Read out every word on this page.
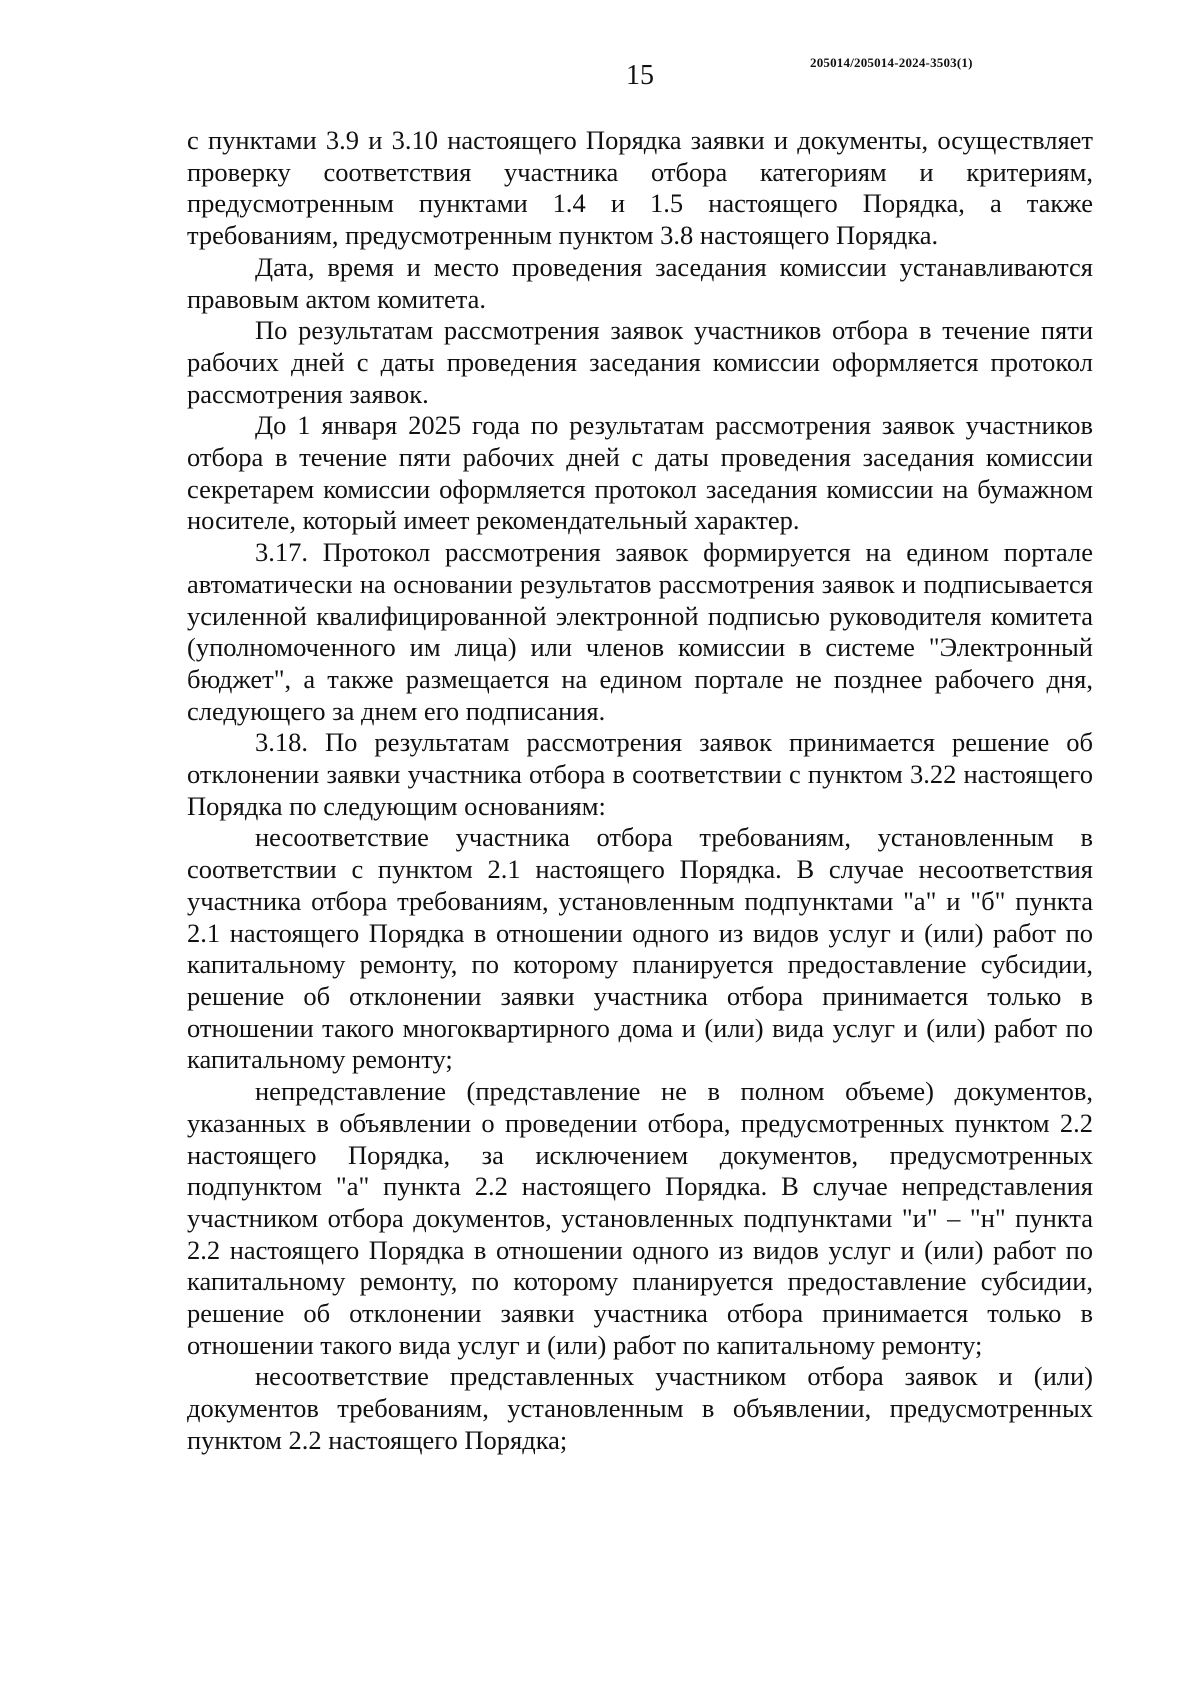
15	205014/205014-2024-3503(1)

с пунктами 3.9 и 3.10 настоящего Порядка заявки и документы, осуществляет проверку соответствия участника отбора категориям и критериям, предусмотренным пунктами 1.4 и 1.5 настоящего Порядка, а также требованиям, предусмотренным пунктом 3.8 настоящего Порядка.

Дата, время и место проведения заседания комиссии устанавливаются правовым актом комитета.

По результатам рассмотрения заявок участников отбора в течение пяти рабочих дней с даты проведения заседания комиссии оформляется протокол рассмотрения заявок.

До 1 января 2025 года по результатам рассмотрения заявок участников отбора в течение пяти рабочих дней с даты проведения заседания комиссии секретарем комиссии оформляется протокол заседания комиссии на бумажном носителе, который имеет рекомендательный характер.

3.17. Протокол рассмотрения заявок формируется на едином портале автоматически на основании результатов рассмотрения заявок и подписывается усиленной квалифицированной электронной подписью руководителя комитета (уполномоченного им лица) или членов комиссии в системе "Электронный бюджет", а также размещается на едином портале не позднее рабочего дня, следующего за днем его подписания.

3.18. По результатам рассмотрения заявок принимается решение об отклонении заявки участника отбора в соответствии с пунктом 3.22 настоящего Порядка по следующим основаниям:

несоответствие участника отбора требованиям, установленным в соответствии с пунктом 2.1 настоящего Порядка. В случае несоответствия участника отбора требованиям, установленным подпунктами "а" и "б" пункта 2.1 настоящего Порядка в отношении одного из видов услуг и (или) работ по капитальному ремонту, по которому планируется предоставление субсидии, решение об отклонении заявки участника отбора принимается только в отношении такого многоквартирного дома и (или) вида услуг и (или) работ по капитальному ремонту;

непредставление (представление не в полном объеме) документов, указанных в объявлении о проведении отбора, предусмотренных пунктом 2.2 настоящего Порядка, за исключением документов, предусмотренных подпунктом "а" пункта 2.2 настоящего Порядка. В случае непредставления участником отбора документов, установленных подпунктами "и" – "н" пункта 2.2 настоящего Порядка в отношении одного из видов услуг и (или) работ по капитальному ремонту, по которому планируется предоставление субсидии, решение об отклонении заявки участника отбора принимается только в отношении такого вида услуг и (или) работ по капитальному ремонту;

несоответствие представленных участником отбора заявок и (или) документов требованиям, установленным в объявлении, предусмотренных пунктом 2.2 настоящего Порядка;
